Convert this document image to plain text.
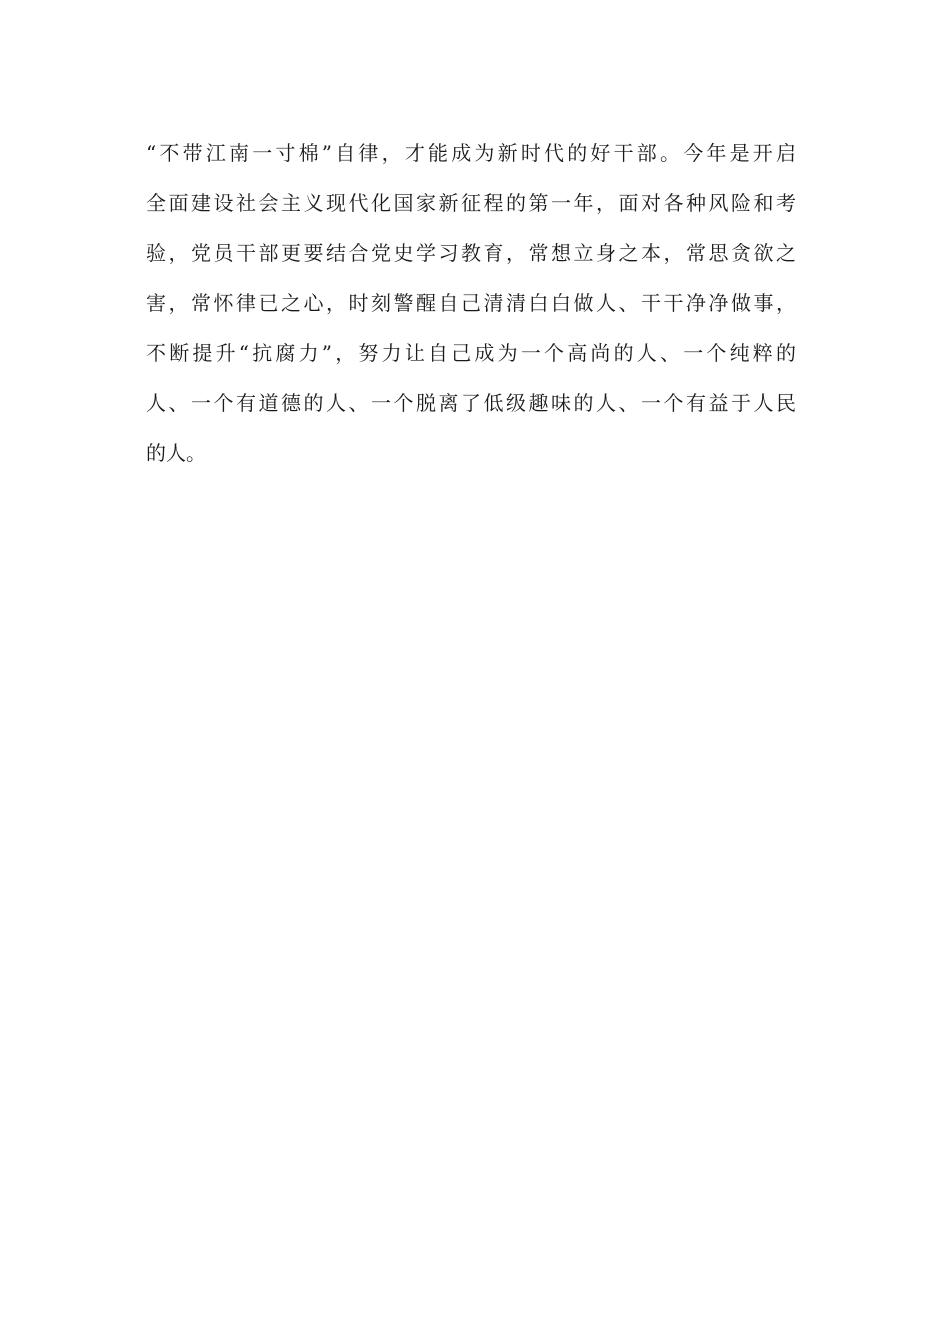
“不带江南一寸棉”自律，才能成为新时代的好干部。今年是开启
全面建设社会主义现代化国家新征程的第一年，面对各种风险和考
验，党员干部更要结合党史学习教育，常想立身之本，常思贪欲之
害，常怀律已之心，时刻警醒自己清清白白做人、干干净净做事，
不断提升“抗腐力”，努力让自己成为一个高尚的人、一个纯粹的
人、一个有道德的人、一个脱离了低级趣味的人、一个有益于人民
的人。
